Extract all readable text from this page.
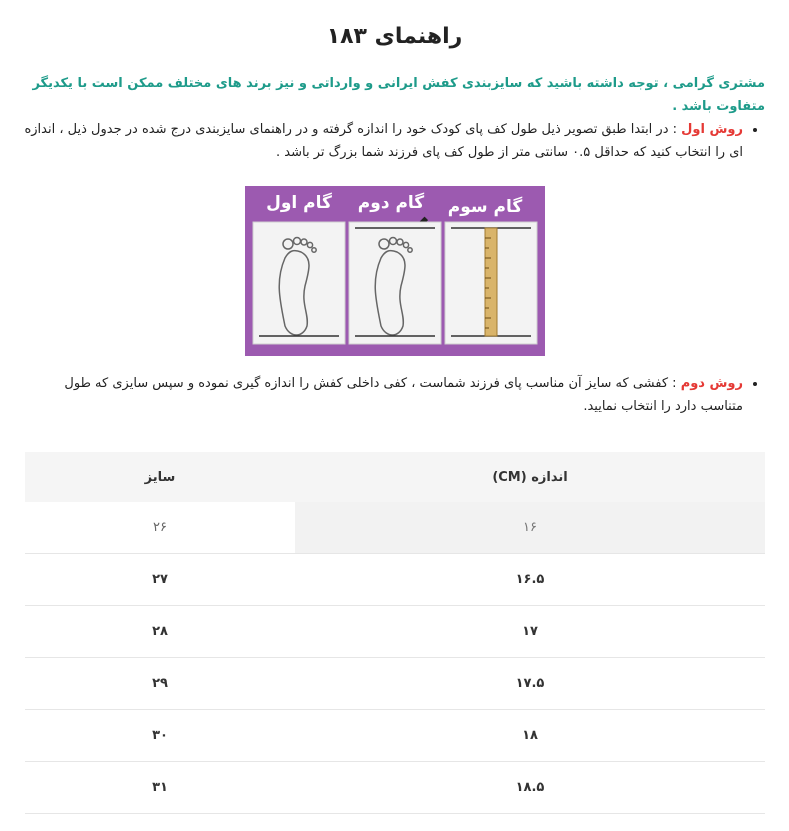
راهنمای ۱۸۳

مشتری گرامی ، توجه داشته باشید که سایزبندی کفش ایرانی و وارداتی و نیز برند های مختلف ممکن است با یکدیگر متفاوت باشد .

• روش اول : در ابتدا طبق تصویر ذیل طول کف پای کودک خود را اندازه گرفته و در راهنمای سایزبندی درج شده در جدول ذیل ، اندازه ای را انتخاب کنید که حداقل ۰.۵ سانتی متر از طول کف پای فرزند شما بزرگ تر باشد .
گام سوم
گام دوم
گام اول
• روش دوم : کفشی که سایز آن مناسب پای فرزند شماست ، کفی داخلی کفش را اندازه گیری نموده و سپس سایزی که طول متناسب دارد را انتخاب نمایید.
اندازه (CM)	سایز
۱۶	۲۶
۱۶.۵	۲۷
۱۷	۲۸
۱۷.۵	۲۹
۱۸	۳۰
۱۸.۵	۳۱
